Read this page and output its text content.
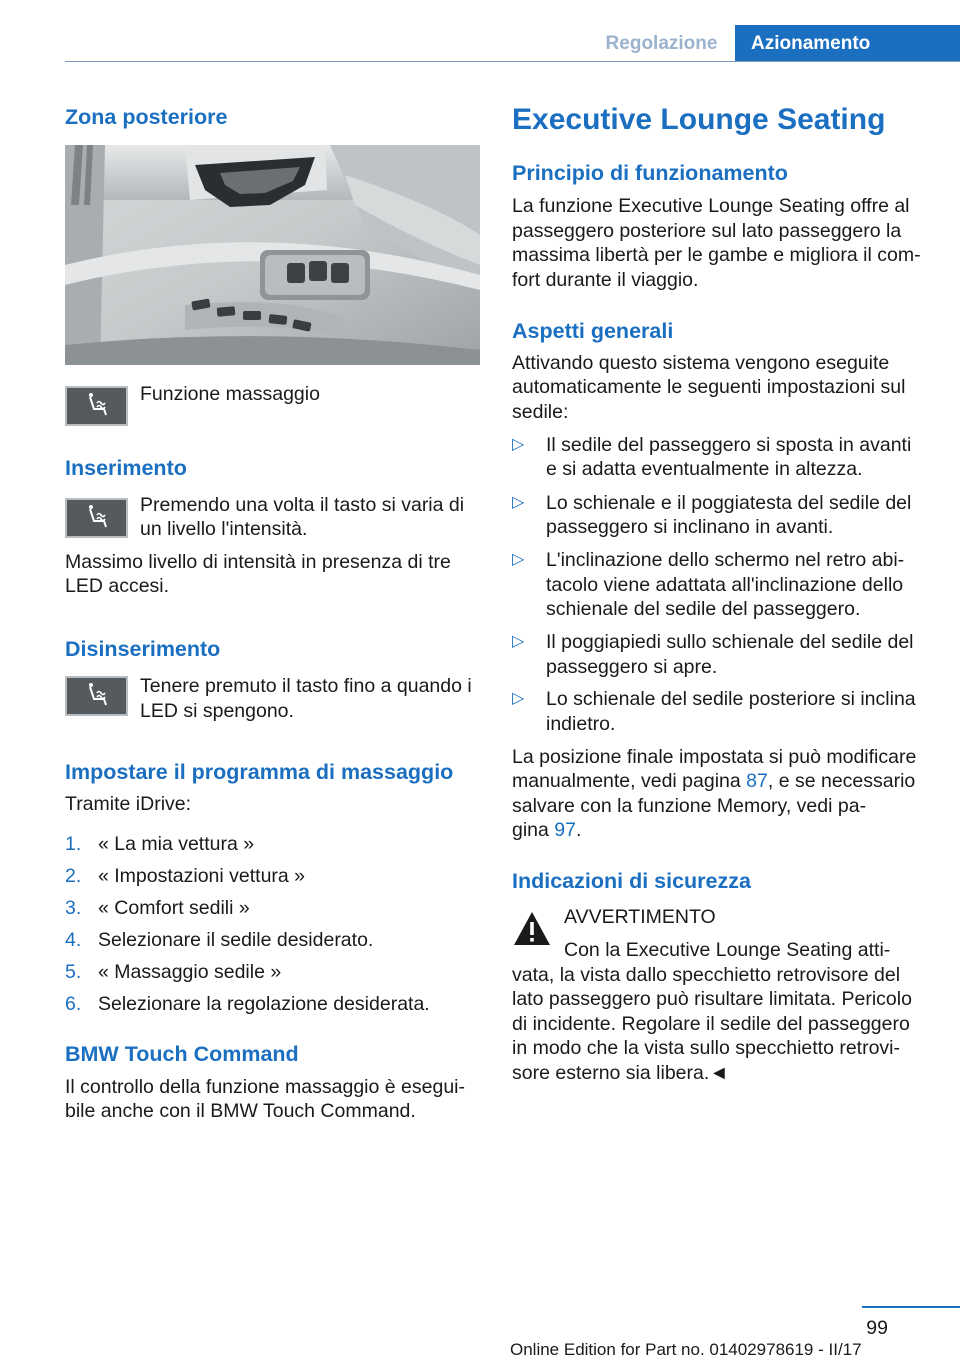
Regolazione	Azionamento
Zona posteriore
Funzione massaggio
Inserimento
Premendo una volta il tasto si varia di
un livello l'intensità.
Massimo livello di intensità in presenza di tre
LED accesi.
Disinserimento
Tenere premuto il tasto fino a quando i
LED si spengono.
Impostare il programma di massaggio
Tramite iDrive:
1. « La mia vettura »
2. « Impostazioni vettura »
3. « Comfort sedili »
4. Selezionare il sedile desiderato.
5. « Massaggio sedile »
6. Selezionare la regolazione desiderata.
BMW Touch Command
Il controllo della funzione massaggio è esegui‐
bile anche con il BMW Touch Command.
Executive Lounge Seating
Principio di funzionamento
La funzione Executive Lounge Seating offre al
passeggero posteriore sul lato passeggero la
massima libertà per le gambe e migliora il com‐
fort durante il viaggio.
Aspetti generali
Attivando questo sistema vengono eseguite
automaticamente le seguenti impostazioni sul
sedile:
▷	Il sedile del passeggero si sposta in avanti
e si adatta eventualmente in altezza.
▷	Lo schienale e il poggiatesta del sedile del
passeggero si inclinano in avanti.
▷	L'inclinazione dello schermo nel retro abi‐
tacolo viene adattata all'inclinazione dello
schienale del sedile del passeggero.
▷	Il poggiapiedi sullo schienale del sedile del
passeggero si apre.
▷	Lo schienale del sedile posteriore si inclina
indietro.
La posizione finale impostata si può modificare
manualmente, vedi pagina 87, e se necessario
salvare con la funzione Memory, vedi pa‐
gina 97.
Indicazioni di sicurezza
AVVERTIMENTO
Con la Executive Lounge Seating atti‐
vata, la vista dallo specchietto retrovisore del
lato passeggero può risultare limitata. Pericolo
di incidente. Regolare il sedile del passeggero
in modo che la vista sullo specchietto retrovi‐
sore esterno sia libera.◄
99
Online Edition for Part no. 01402978619 - II/17
